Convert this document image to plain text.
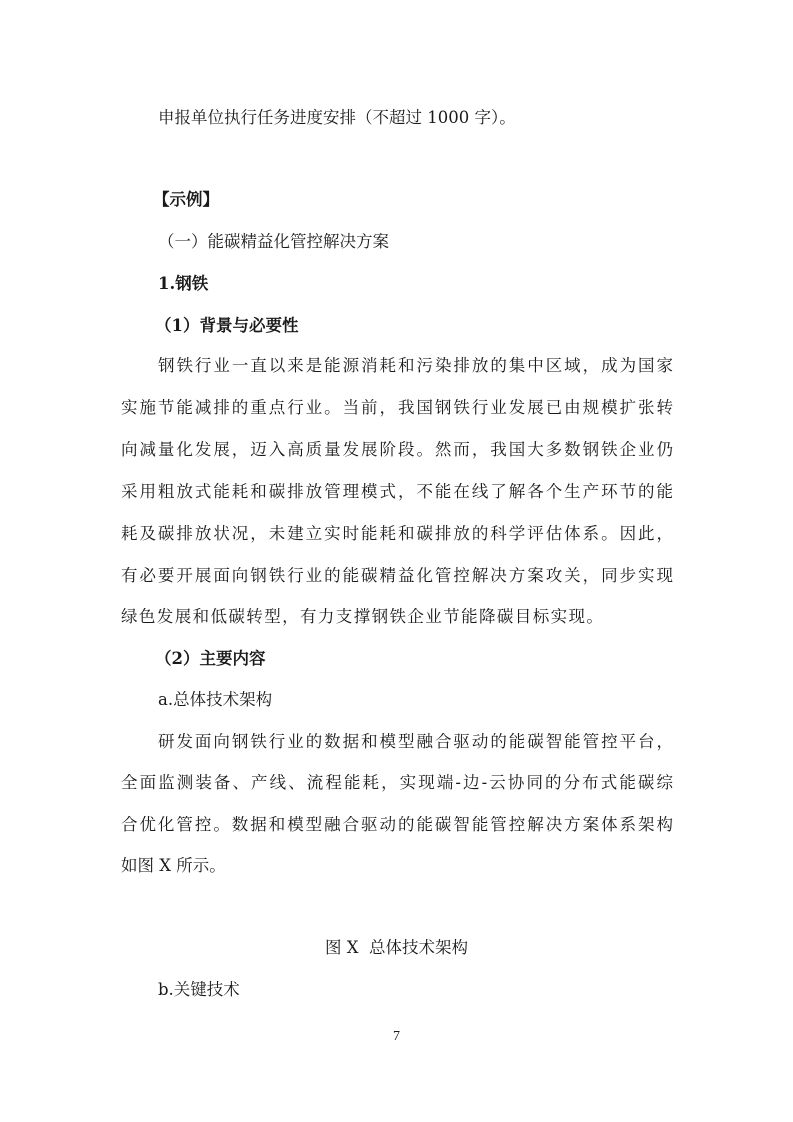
申报单位执行任务进度安排（不超过 1000 字）。
【示例】
（一）能碳精益化管控解决方案
1.钢铁
（1）背景与必要性
钢铁行业一直以来是能源消耗和污染排放的集中区域，成为国家
实施节能减排的重点行业。当前，我国钢铁行业发展已由规模扩张转
向减量化发展，迈入高质量发展阶段。然而，我国大多数钢铁企业仍
采用粗放式能耗和碳排放管理模式，不能在线了解各个生产环节的能
耗及碳排放状况，未建立实时能耗和碳排放的科学评估体系。因此，
有必要开展面向钢铁行业的能碳精益化管控解决方案攻关，同步实现
绿色发展和低碳转型，有力支撑钢铁企业节能降碳目标实现。
（2）主要内容
a.总体技术架构
研发面向钢铁行业的数据和模型融合驱动的能碳智能管控平台，
全面监测装备、产线、流程能耗，实现端-边-云协同的分布式能碳综
合优化管控。数据和模型融合驱动的能碳智能管控解决方案体系架构
如图 X 所示。
图 X  总体技术架构
b.关键技术
7
